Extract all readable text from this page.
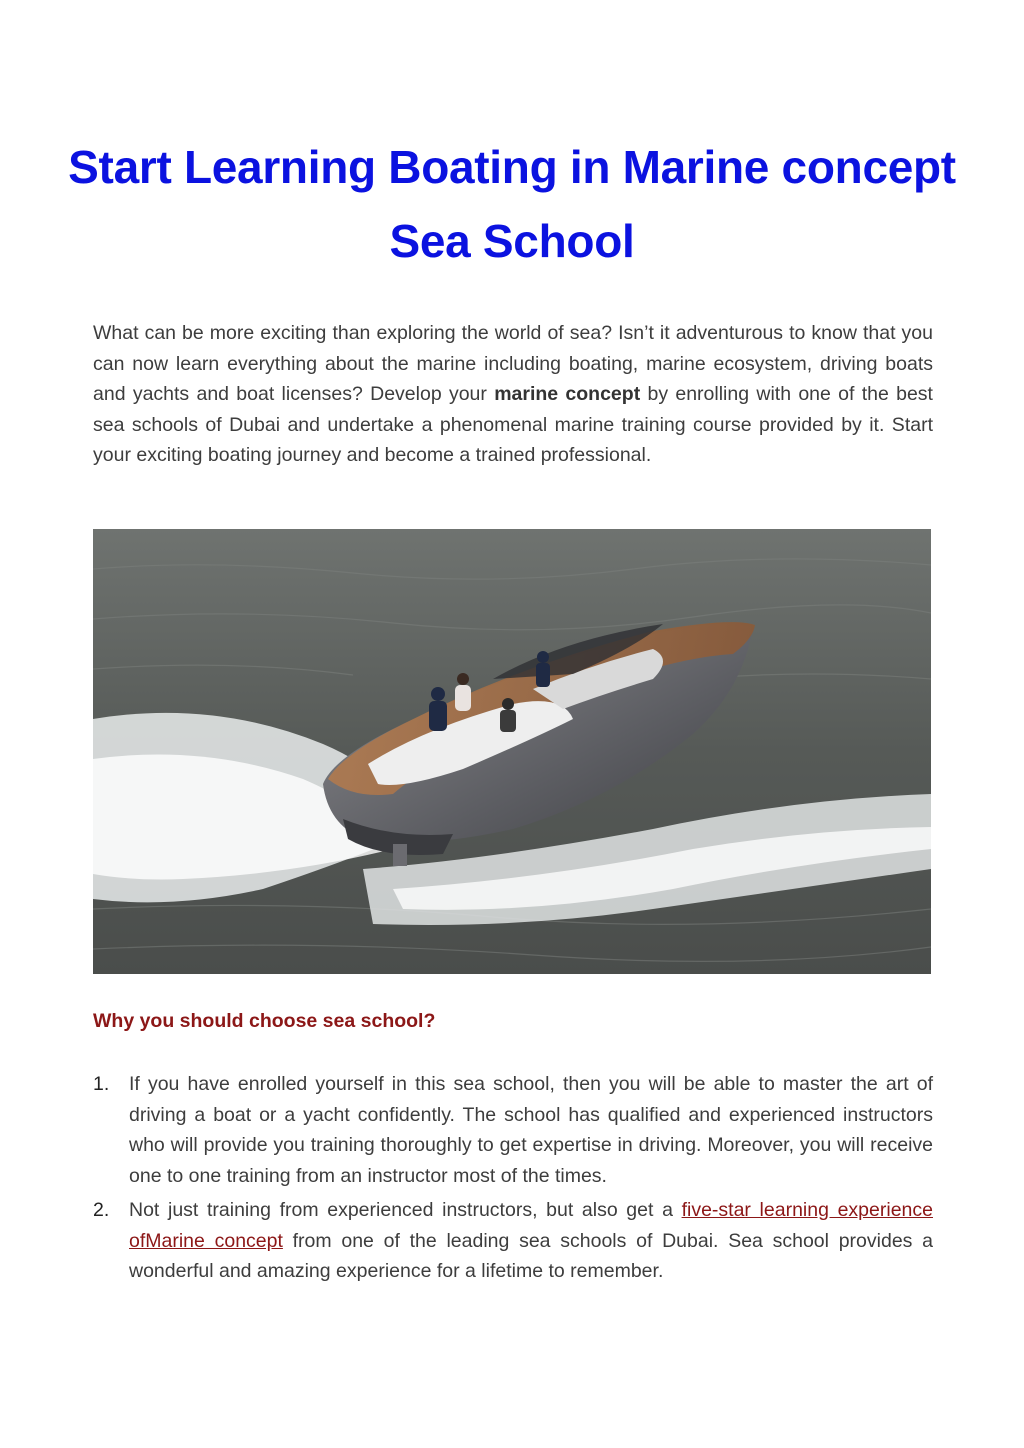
Start Learning Boating in Marine concept Sea School

What can be more exciting than exploring the world of sea? Isn’t it adventurous to know that you can now learn everything about the marine including boating, marine ecosystem, driving boats and yachts and boat licenses? Develop your marine concept by enrolling with one of the best sea schools of Dubai and undertake a phenomenal marine training course provided by it. Start your exciting boating journey and become a trained professional.

Why you should choose sea school?
1. If you have enrolled yourself in this sea school, then you will be able to master the art of driving a boat or a yacht confidently. The school has qualified and experienced instructors who will provide you training thoroughly to get expertise in driving. Moreover, you will receive one to one training from an instructor most of the times.
2. Not just training from experienced instructors, but also get a five-star learning experience ofMarine concept from one of the leading sea schools of Dubai. Sea school provides a wonderful and amazing experience for a lifetime to remember.
